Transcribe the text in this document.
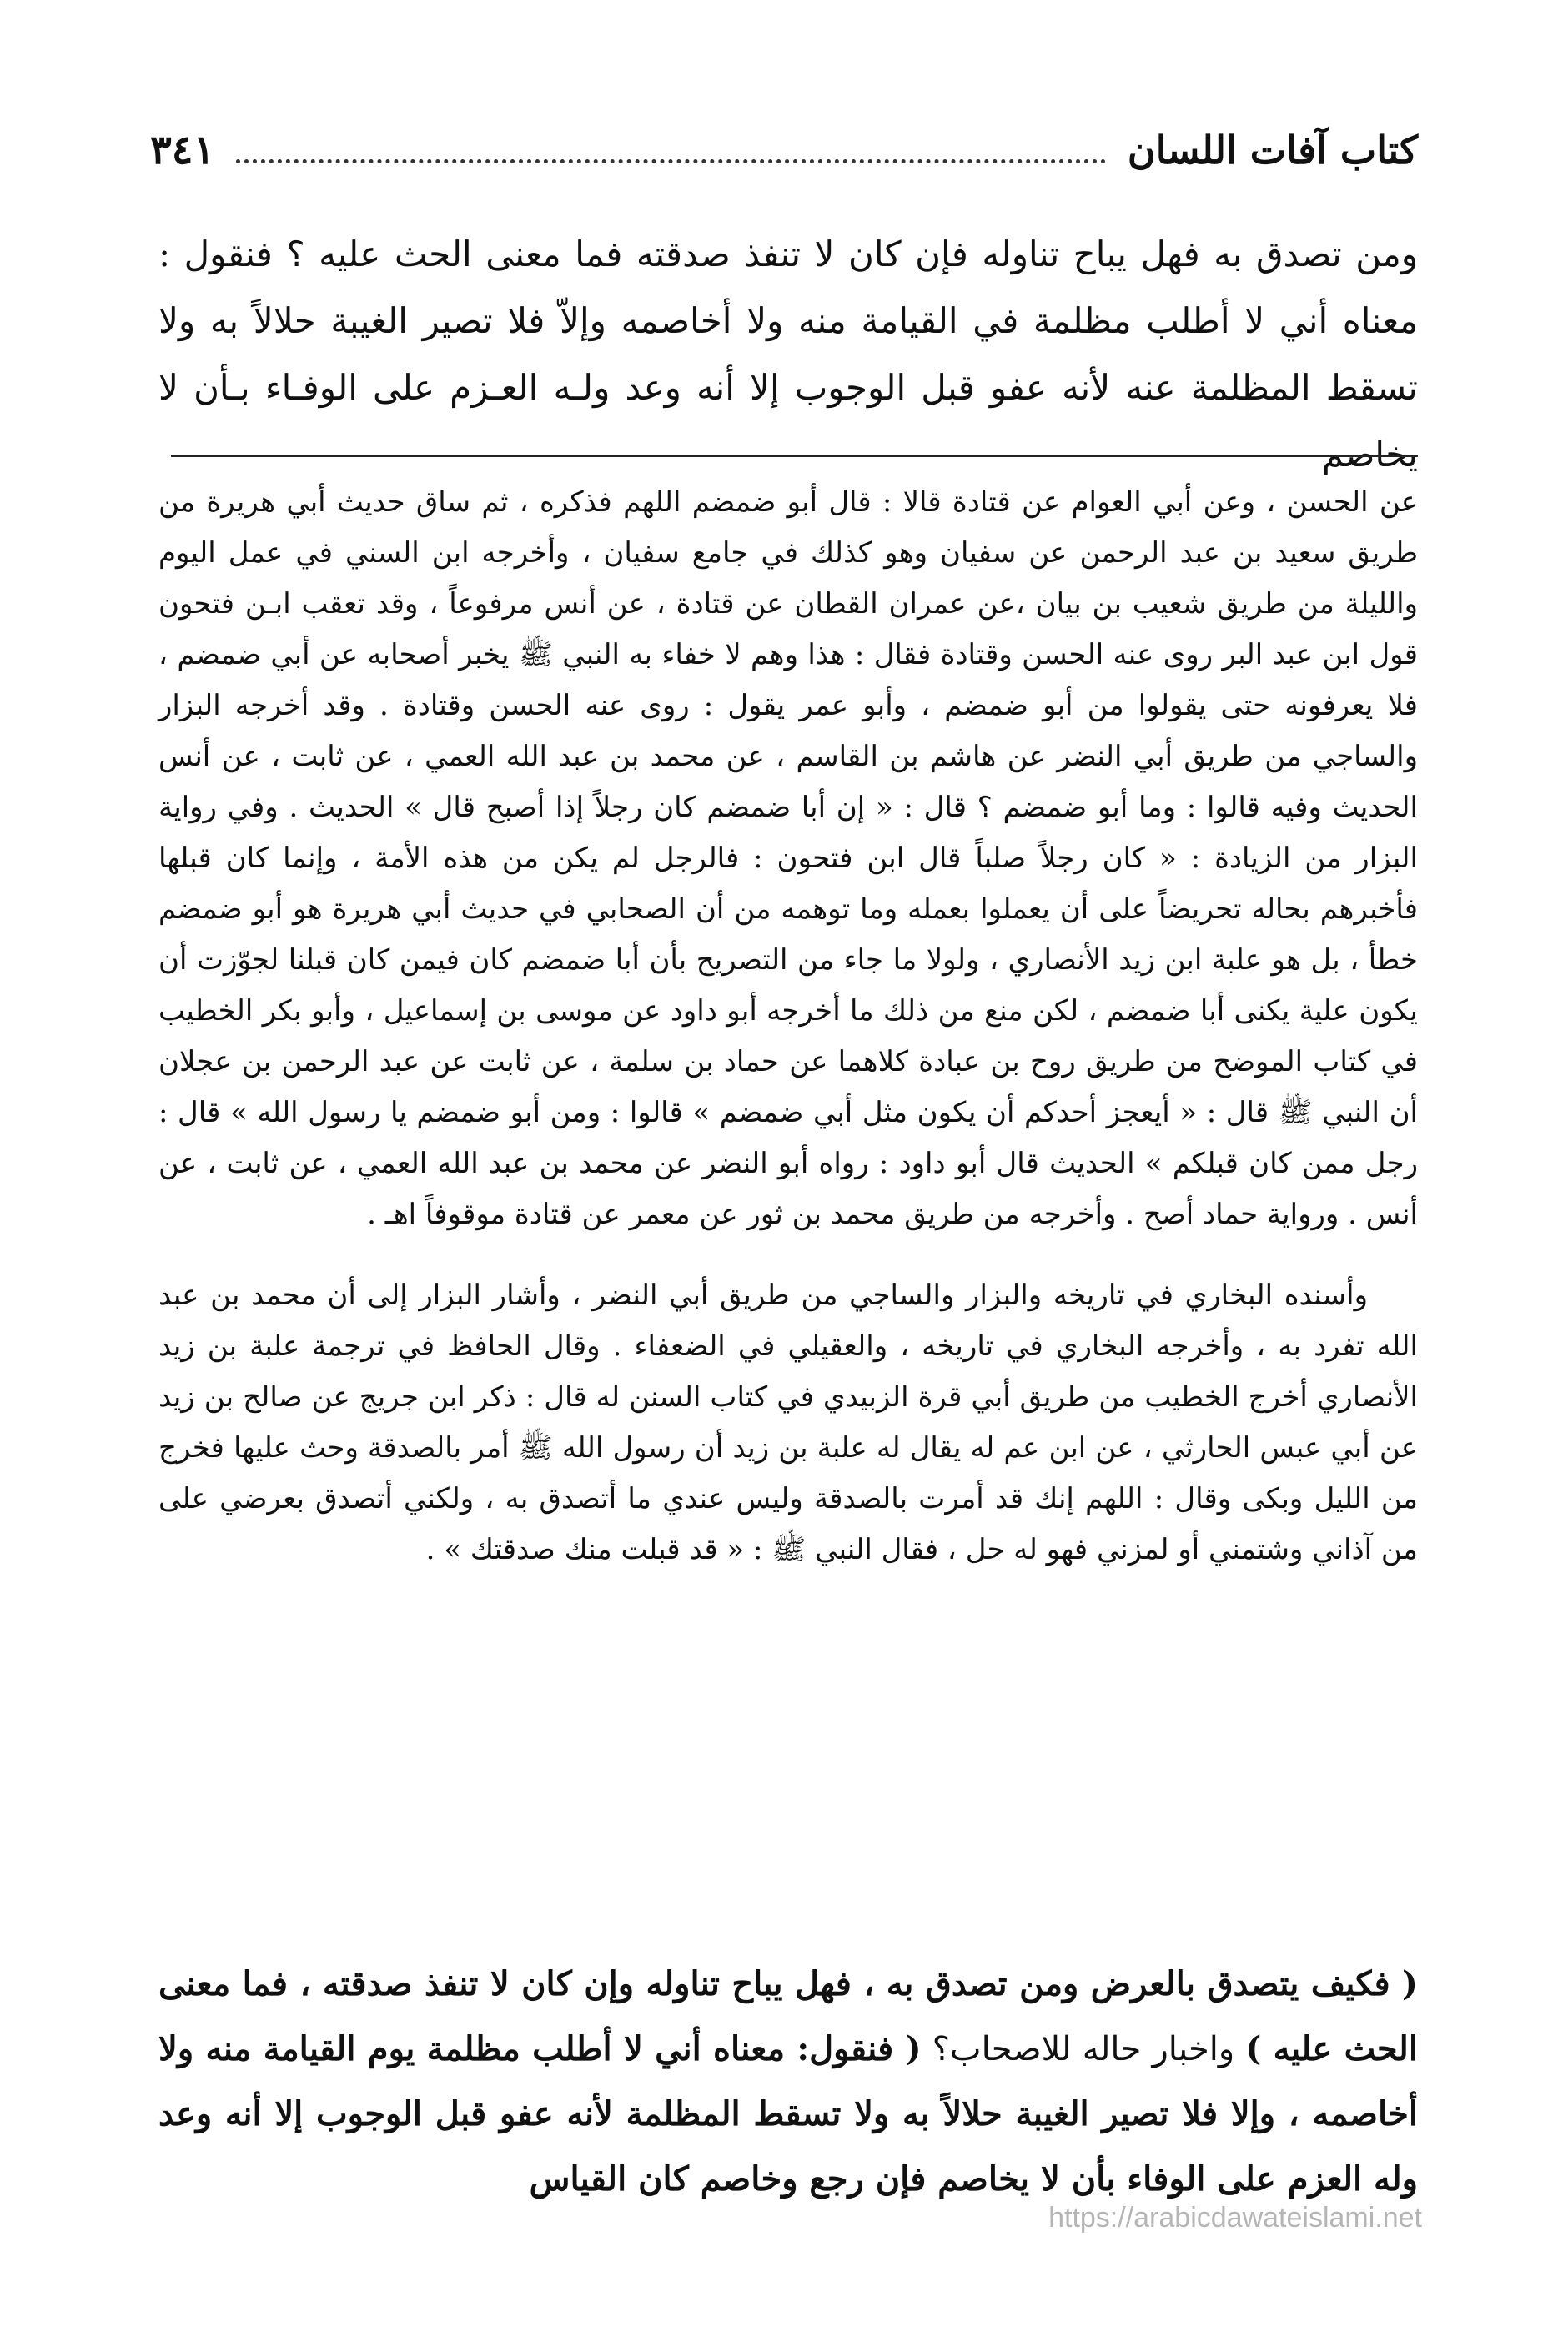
كتاب آفات اللسان
٣٤١

ومن تصدق به فهل يباح تناوله فإن كان لا تنفذ صدقته فما معنى الحث عليه ؟ فنقول : معناه أني لا أطلب مظلمة في القيامة منه ولا أخاصمه وإلاّ فلا تصير الغيبة حلالاً به ولا تسقط المظلمة عنه لأنه عفو قبل الوجوب إلا أنه وعد ولـه العـزم على الوفـاء بـأن لا يخاصم

عن الحسن ، وعن أبي العوام عن قتادة قالا : قال أبو ضمضم اللهم فذكره ، ثم ساق حديث أبي هريرة من طريق سعيد بن عبد الرحمن عن سفيان وهو كذلك في جامع سفيان ، وأخرجه ابن السني في عمل اليوم والليلة من طريق شعيب بن بيان ،عن عمران القطان عن قتادة ، عن أنس مرفوعاً ، وقد تعقب ابـن فتحون قول ابن عبد البر روى عنه الحسن وقتادة فقال : هذا وهم لا خفاء به النبي ﷺ يخبر أصحابه عن أبي ضمضم ، فلا يعرفونه حتى يقولوا من أبو ضمضم ، وأبو عمر يقول : روى عنه الحسن وقتادة . وقد أخرجه البزار والساجي من طريق أبي النضر عن هاشم بن القاسم ، عن محمد بن عبد الله العمي ، عن ثابت ، عن أنس الحديث وفيه قالوا : وما أبو ضمضم ؟ قال : « إن أبا ضمضم كان رجلاً إذا أصبح قال » الحديث . وفي رواية البزار من الزيادة : « كان رجلاً صلباً قال ابن فتحون : فالرجل لم يكن من هذه الأمة ، وإنما كان قبلها فأخبرهم بحاله تحريضاً على أن يعملوا بعمله وما توهمه من أن الصحابي في حديث أبي هريرة هو أبو ضمضم خطأ ، بل هو علبة ابن زيد الأنصاري ، ولولا ما جاء من التصريح بأن أبا ضمضم كان فيمن كان قبلنا لجوّزت أن يكون علية يكنى أبا ضمضم ، لكن منع من ذلك ما أخرجه أبو داود عن موسى بن إسماعيل ، وأبو بكر الخطيب في كتاب الموضح من طريق روح بن عبادة كلاهما عن حماد بن سلمة ، عن ثابت عن عبد الرحمن بن عجلان أن النبي ﷺ قال : « أيعجز أحدكم أن يكون مثل أبي ضمضم » قالوا : ومن أبو ضمضم يا رسول الله » قال : رجل ممن كان قبلكم » الحديث قال أبو داود : رواه أبو النضر عن محمد بن عبد الله العمي ، عن ثابت ، عن أنس . ورواية حماد أصح . وأخرجه من طريق محمد بن ثور عن معمر عن قتادة موقوفاً اهـ .

وأسنده البخاري في تاريخه والبزار والساجي من طريق أبي النضر ، وأشار البزار إلى أن محمد بن عبد الله تفرد به ، وأخرجه البخاري في تاريخه ، والعقيلي في الضعفاء . وقال الحافظ في ترجمة علبة بن زيد الأنصاري أخرج الخطيب من طريق أبي قرة الزبيدي في كتاب السنن له قال : ذكر ابن جريج عن صالح بن زيد عن أبي عبس الحارثي ، عن ابن عم له يقال له علبة بن زيد أن رسول الله ﷺ أمر بالصدقة وحث عليها فخرج من الليل وبكى وقال : اللهم إنك قد أمرت بالصدقة وليس عندي ما أتصدق به ، ولكني أتصدق بعرضي على من آذاني وشتمني أو لمزني فهو له حل ، فقال النبي ﷺ : « قد قبلت منك صدقتك » .

( فكيف يتصدق بالعرض ومن تصدق به ، فهل يباح تناوله وإن كان لا تنفذ صدقته ، فما معنى الحث عليه ) واخبار حاله للاصحاب؟ ( فنقول: معناه أني لا أطلب مظلمة يوم القيامة منه ولا أخاصمه ، وإلا فلا تصير الغيبة حلالاً به ولا تسقط المظلمة لأنه عفو قبل الوجوب إلا أنه وعد وله العزم على الوفاء بأن لا يخاصم فإن رجع وخاصم كان القياس

https://arabicdawateislami.net
